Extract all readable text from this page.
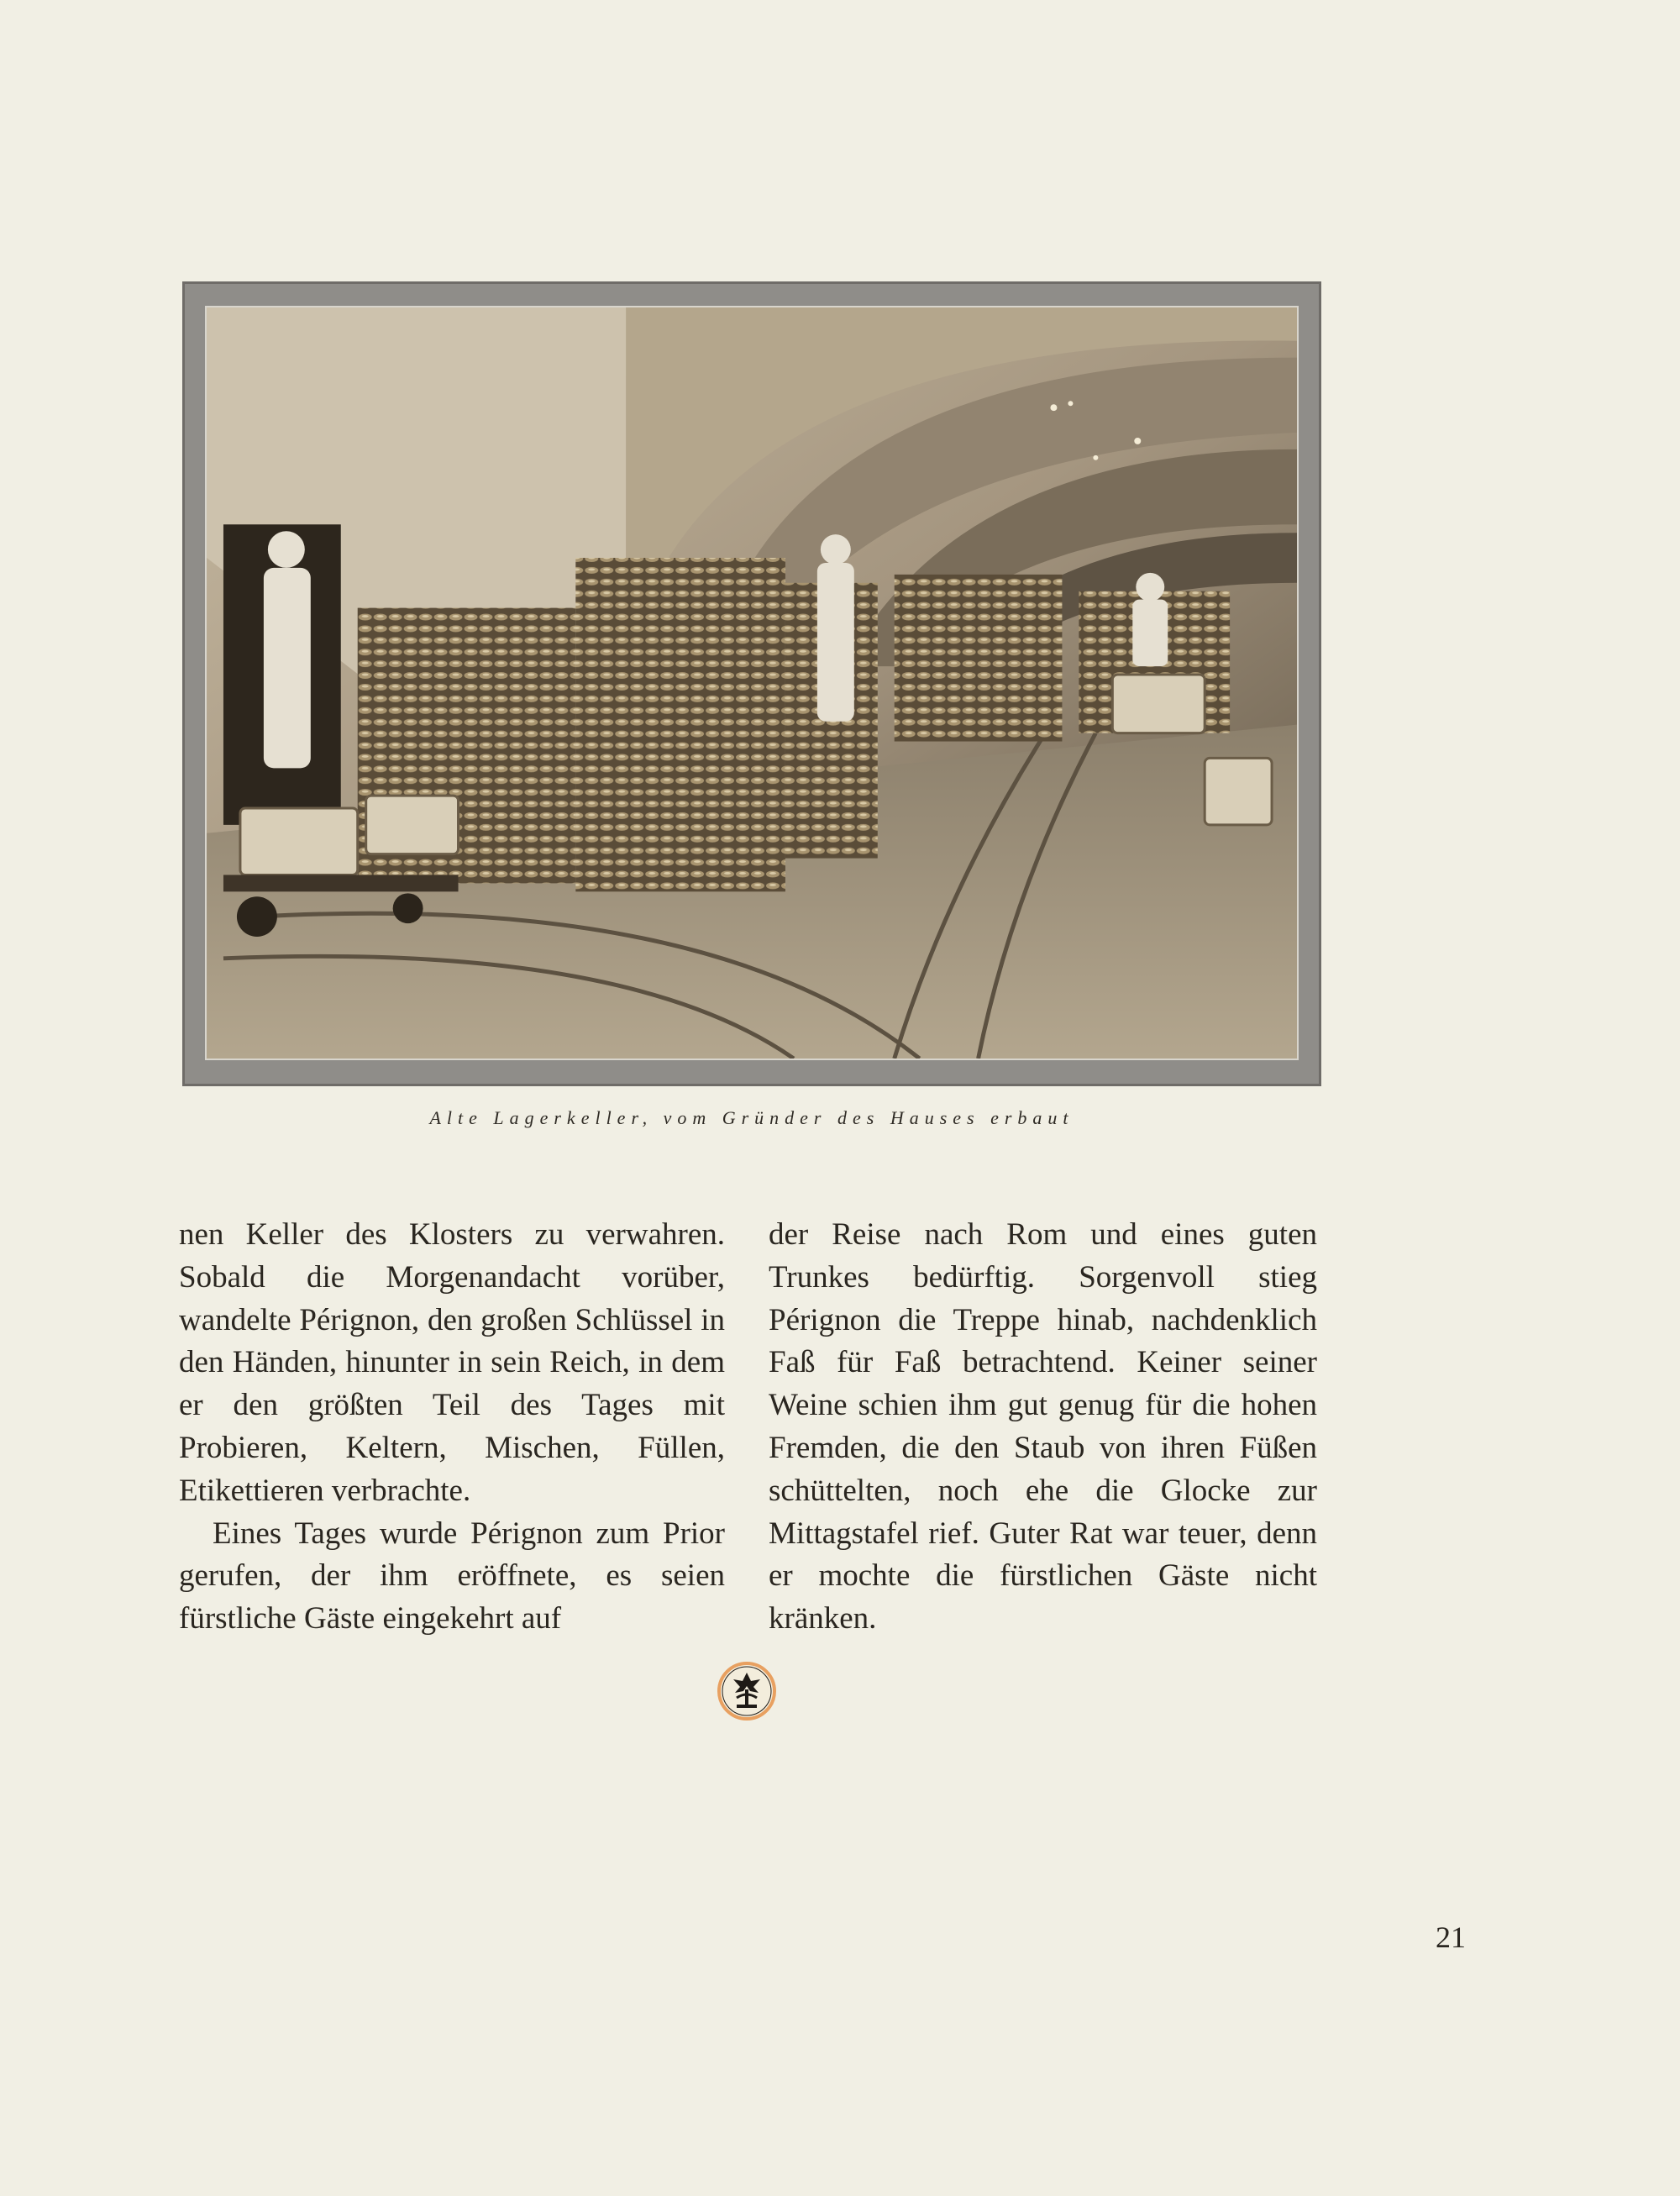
Alte Lagerkeller, vom Gründer des Hauses erbaut

nen Keller des Klosters zu verwahren. Sobald die Morgenandacht vorüber, wandelte Pérignon, den großen Schlüssel in den Händen, hinunter in sein Reich, in dem er den größten Teil des Tages mit Probieren, Keltern, Mischen, Füllen, Etikettieren verbrachte.

Eines Tages wurde Pérignon zum Prior gerufen, der ihm eröffnete, es seien fürstliche Gäste eingekehrt auf

der Reise nach Rom und eines guten Trunkes bedürftig. Sorgenvoll stieg Pérignon die Treppe hinab, nachdenklich Faß für Faß betrachtend. Keiner seiner Weine schien ihm gut genug für die hohen Fremden, die den Staub von ihren Füßen schüttelten, noch ehe die Glocke zur Mittagstafel rief. Guter Rat war teuer, denn er mochte die fürstlichen Gäste nicht kränken.

21
